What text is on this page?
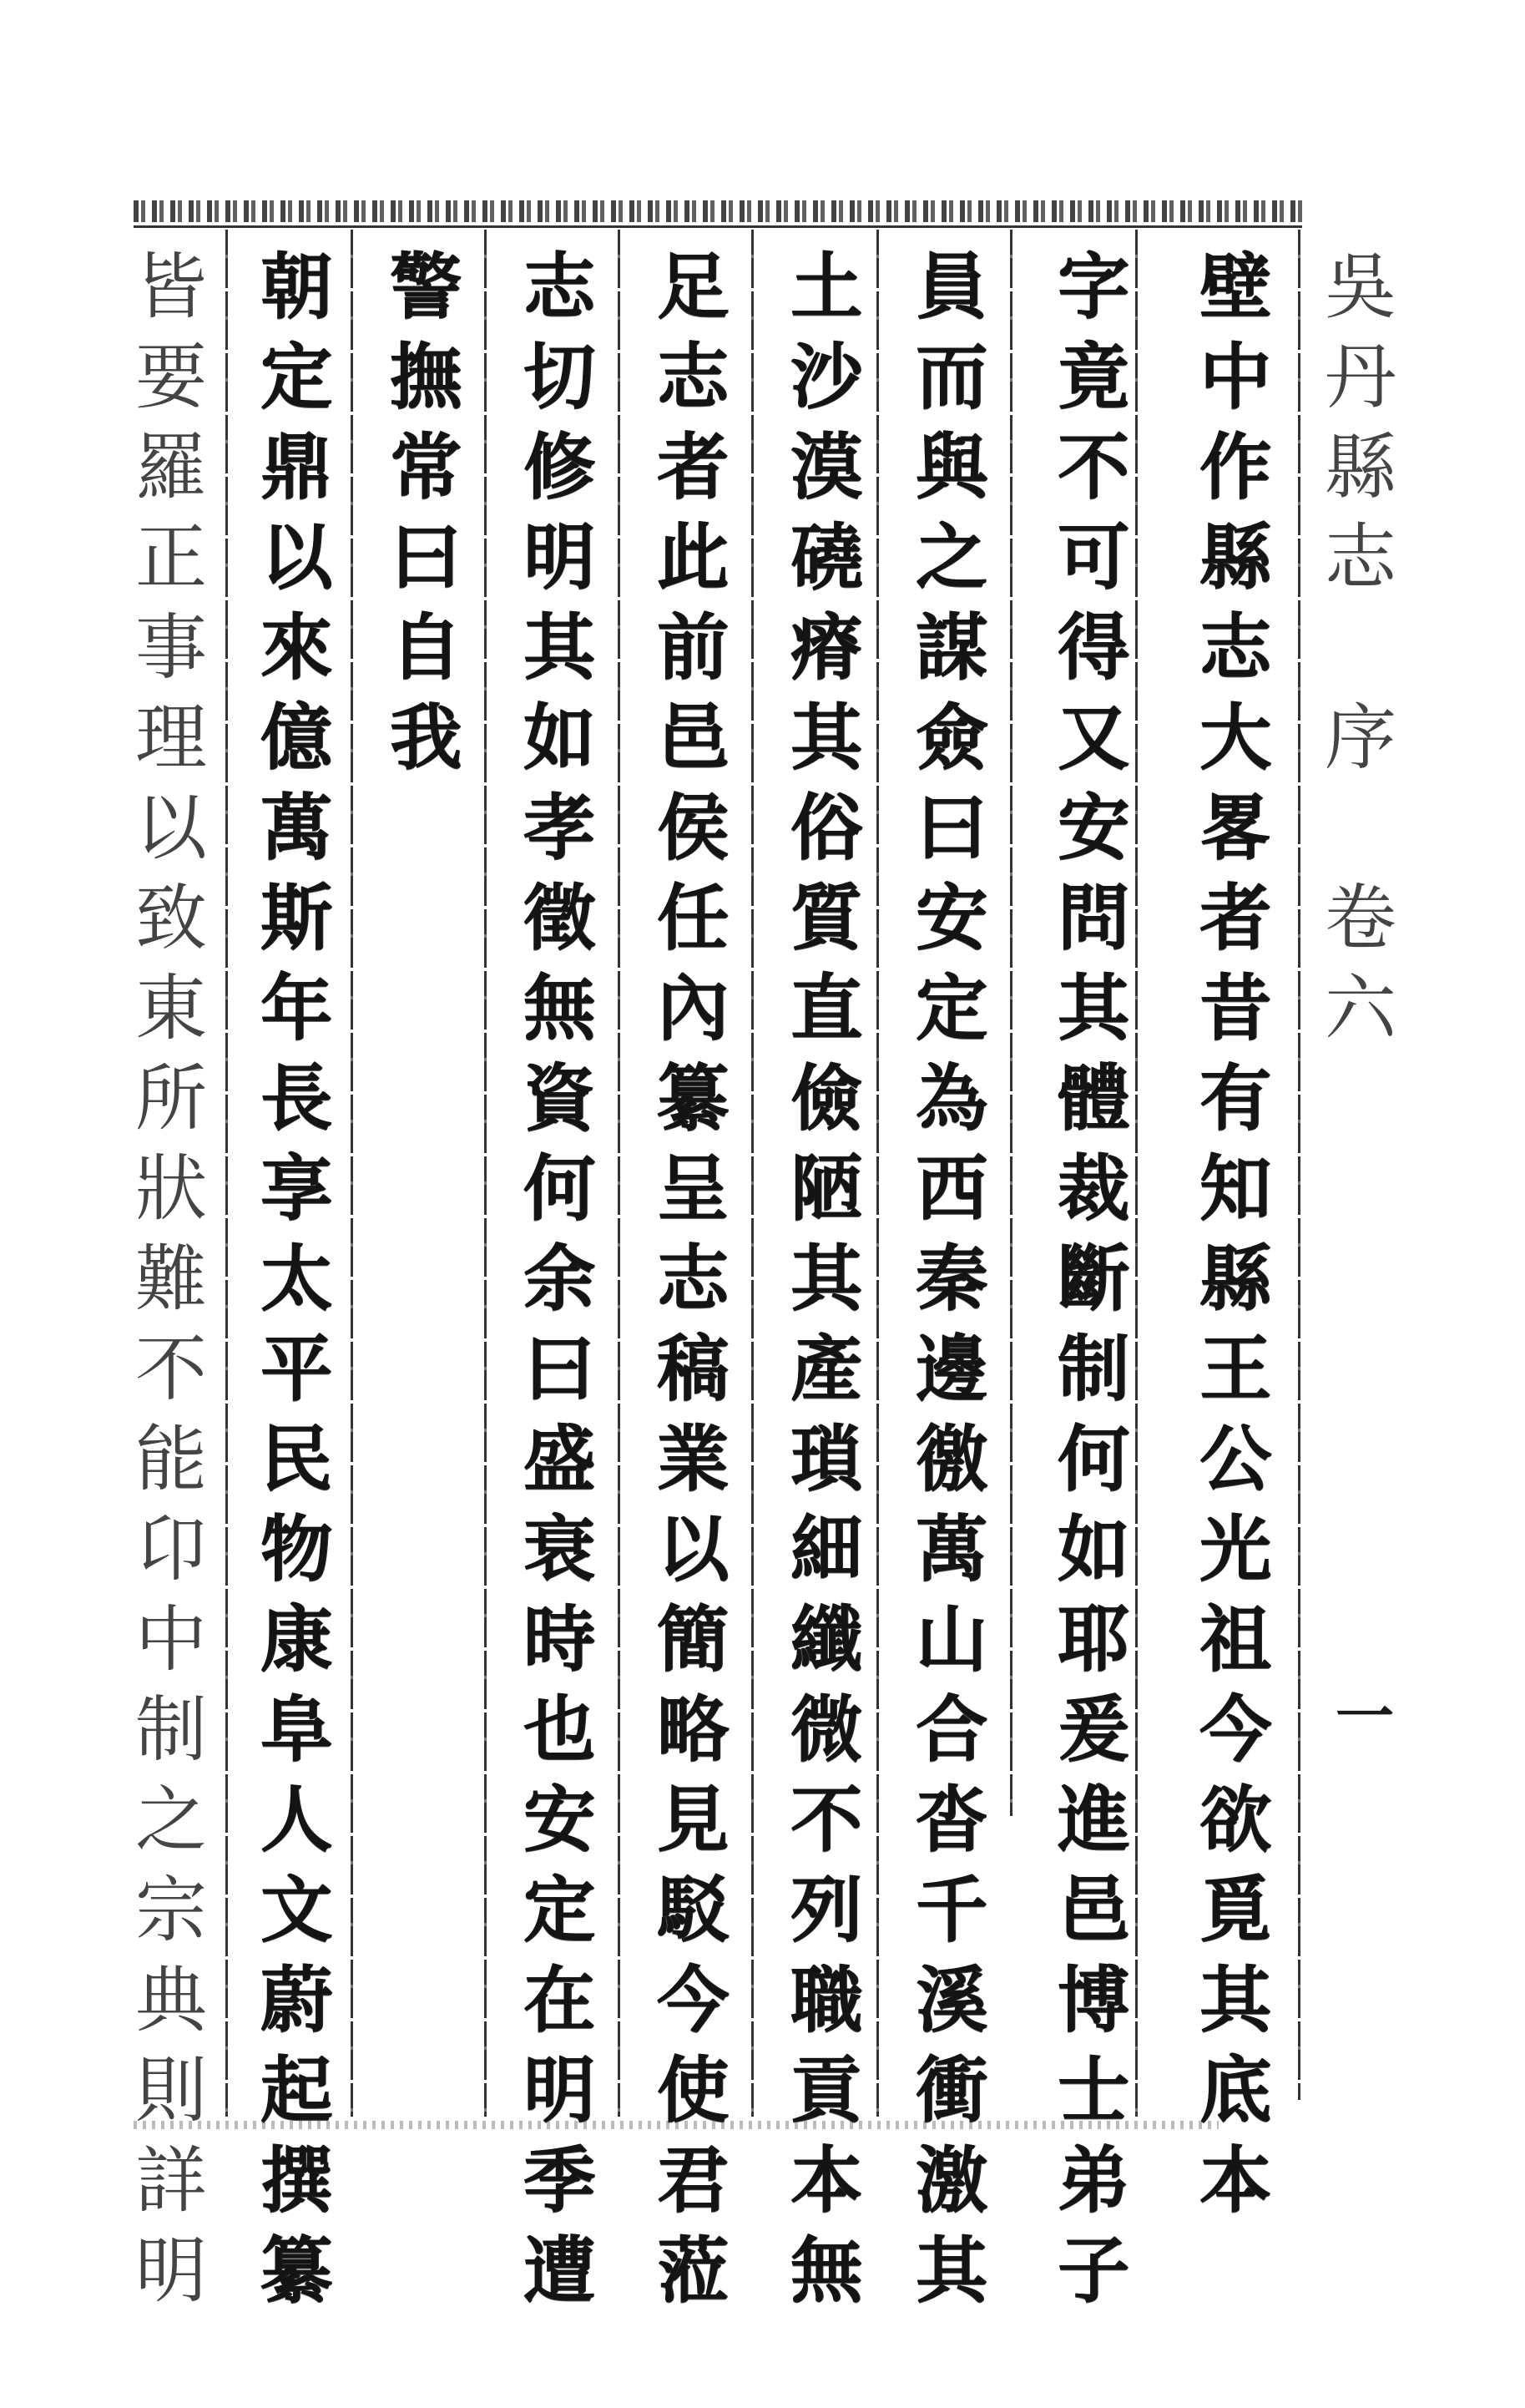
吳
丹
縣
志

序

卷
六
壁
中
作
縣
志
大
畧
者
昔
有
知
縣
王
公
光
祖
今
欲
覓
其
底
本
字
竟
不
可
得
又
安
問
其
體
裁
斷
制
何
如
耶
爰
進
邑
博
士
弟
子
員
而
與
之
謀
僉
曰
安
定
為
西
秦
邊
徼
萬
山
合
沓
千
溪
衝
激
其
土
沙
漠
磽
瘠
其
俗
質
直
儉
陋
其
產
瑣
細
纖
微
不
列
職
貢
本
無
足
志
者
此
前
邑
侯
任
內
纂
呈
志
稿
業
以
簡
略
見
駁
今
使
君
蒞
志
切
修
明
其
如
孝
徵
無
資
何
余
曰
盛
衰
時
也
安
定
在
明
季
遭
警
撫
常
曰
自
我
朝
定
鼎
以
來
億
萬
斯
年
長
享
太
平
民
物
康
阜
人
文
蔚
起
撰
纂
皆
要
羅
正
事
理
以
致
東
所
狀
難
不
能
卬
中
制
之
宗
典
則
詳
明
一
